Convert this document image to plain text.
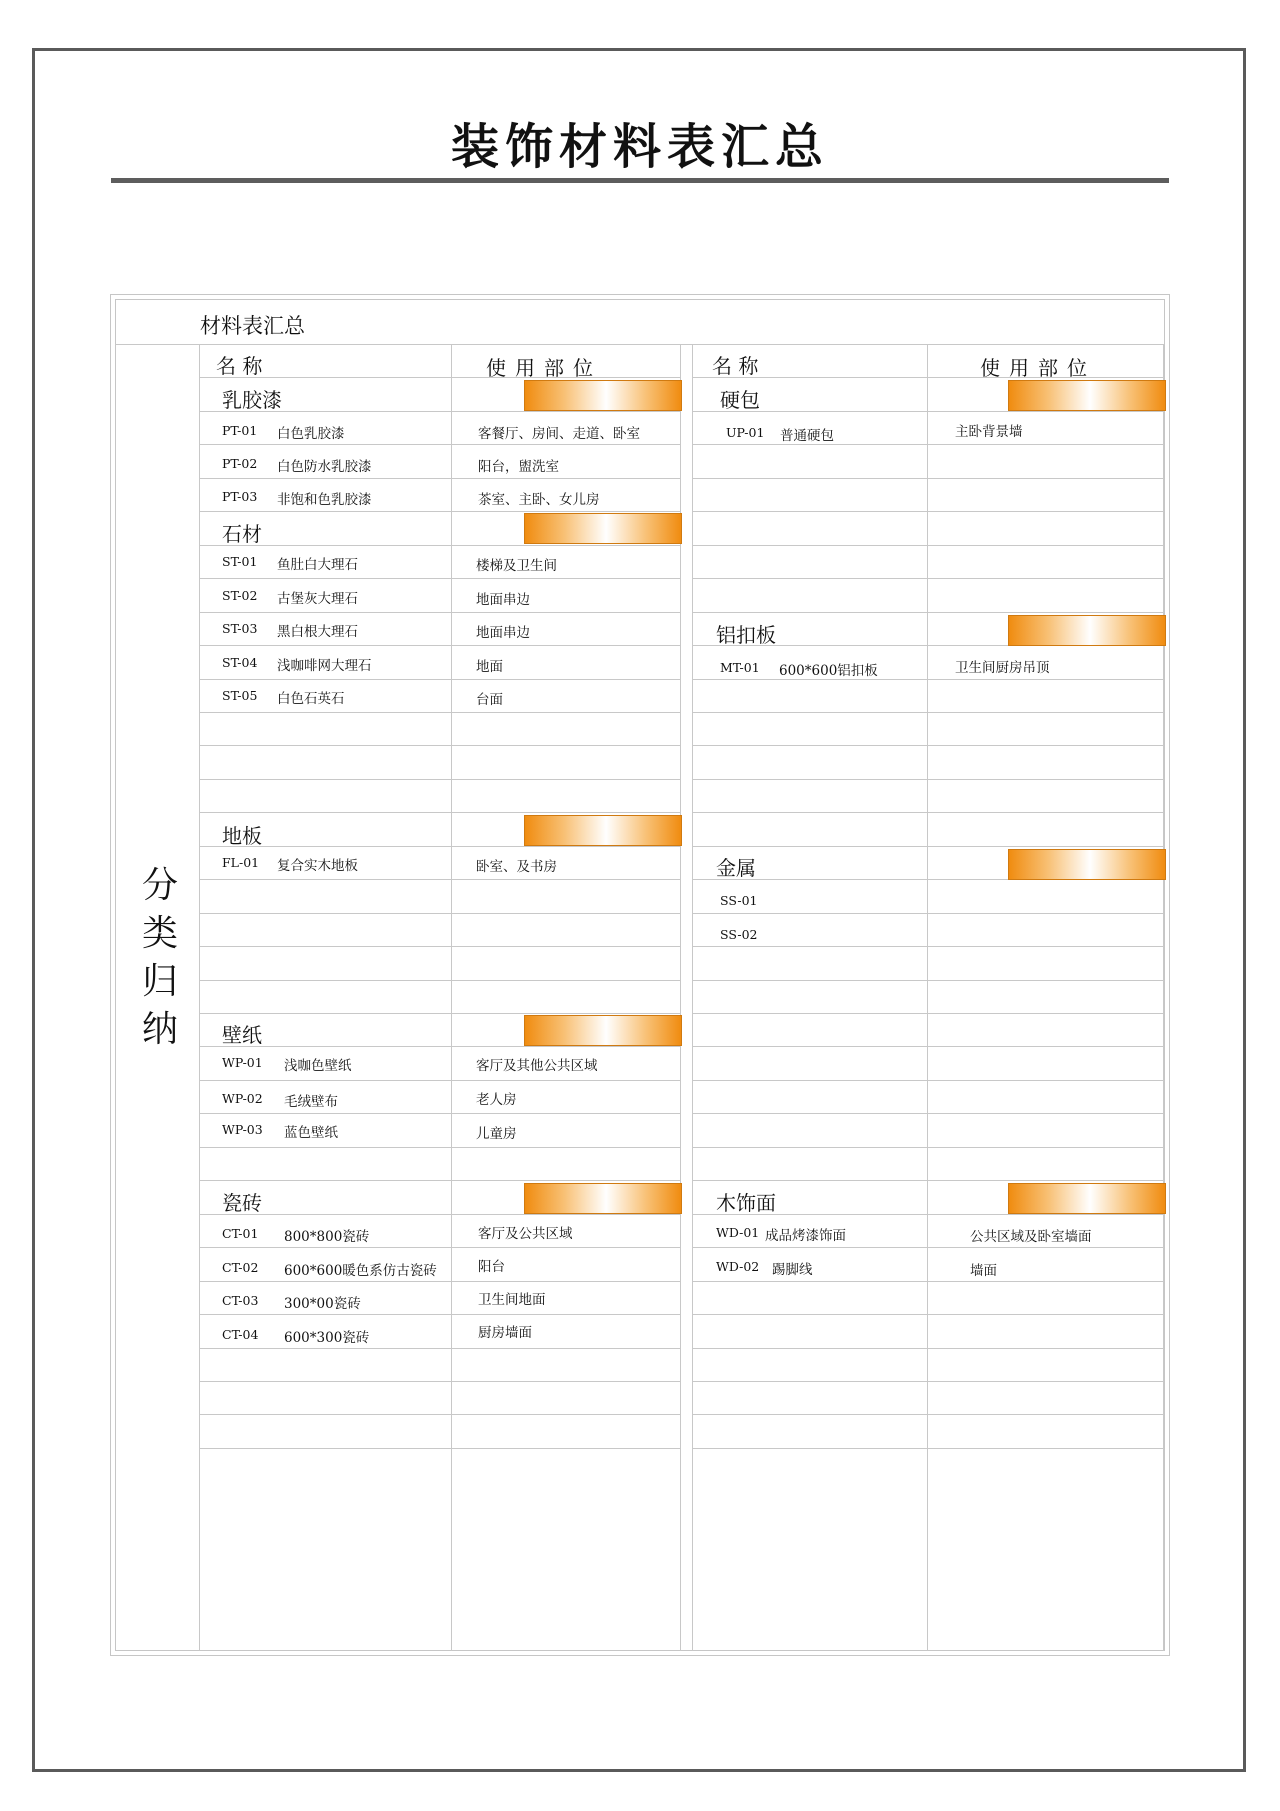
装饰材料表汇总
材料表汇总
分类归纳
名 称	使用部位	名 称	使用部位
乳胶漆
PT-01 白色乳胶漆	客餐厅、房间、走道、卧室
PT-02 白色防水乳胶漆	阳台，盥洗室
PT-03 非饱和色乳胶漆	茶室、主卧、女儿房
石材
ST-01 鱼肚白大理石	楼梯及卫生间
ST-02 古堡灰大理石	地面串边
ST-03 黑白根大理石	地面串边
ST-04 浅咖啡网大理石	地面
ST-05 白色石英石	台面
地板
FL-01 复合实木地板	卧室、及书房
壁纸
WP-01 浅咖色壁纸	客厅及其他公共区域
WP-02 毛绒壁布	老人房
WP-03 蓝色壁纸	儿童房
瓷砖
CT-01 800*800瓷砖	客厅及公共区域
CT-02 600*600暖色系仿古瓷砖	阳台
CT-03 300*00瓷砖	卫生间地面
CT-04 600*300瓷砖	厨房墙面
硬包
UP-01 普通硬包	主卧背景墙
铝扣板
MT-01 600*600铝扣板	卫生间厨房吊顶
金属
SS-01
SS-02
木饰面
WD-01 成品烤漆饰面	公共区域及卧室墙面
WD-02 踢脚线	墙面
